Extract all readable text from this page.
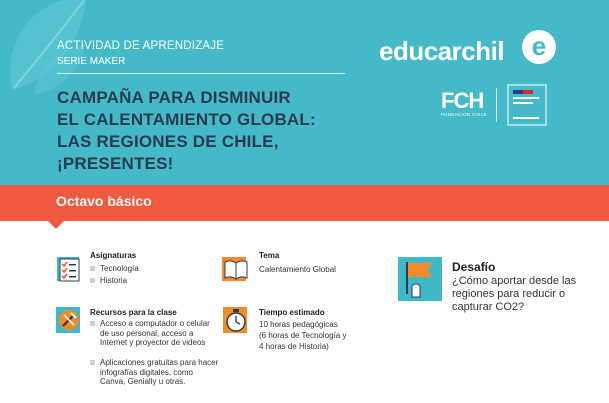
ACTIVIDAD DE APRENDIZAJE
SERIE MAKER
CAMPAÑA PARA DISMINUIR
EL CALENTAMIENTO GLOBAL:
LAS REGIONES DE CHILE,
¡PRESENTES!
educarchil	e
FCH
FUNDACION CHILE
Octavo básico
Asignaturas
Tecnología
Historia
Tema
Calentamiento Global
Recursos para la clase
Acceso a computador o celular de uso personal, acceso a Internet y proyector de videos
Aplicaciones gratuitas para hacer infografías digitales, como Canva, Genially u otras.
Tiempo estimado
10 horas pedagógicas
(6 horas de Tecnología y
4 horas de Historia)
Desafío
¿Cómo aportar desde las regiones para reducir o capturar CO2?
